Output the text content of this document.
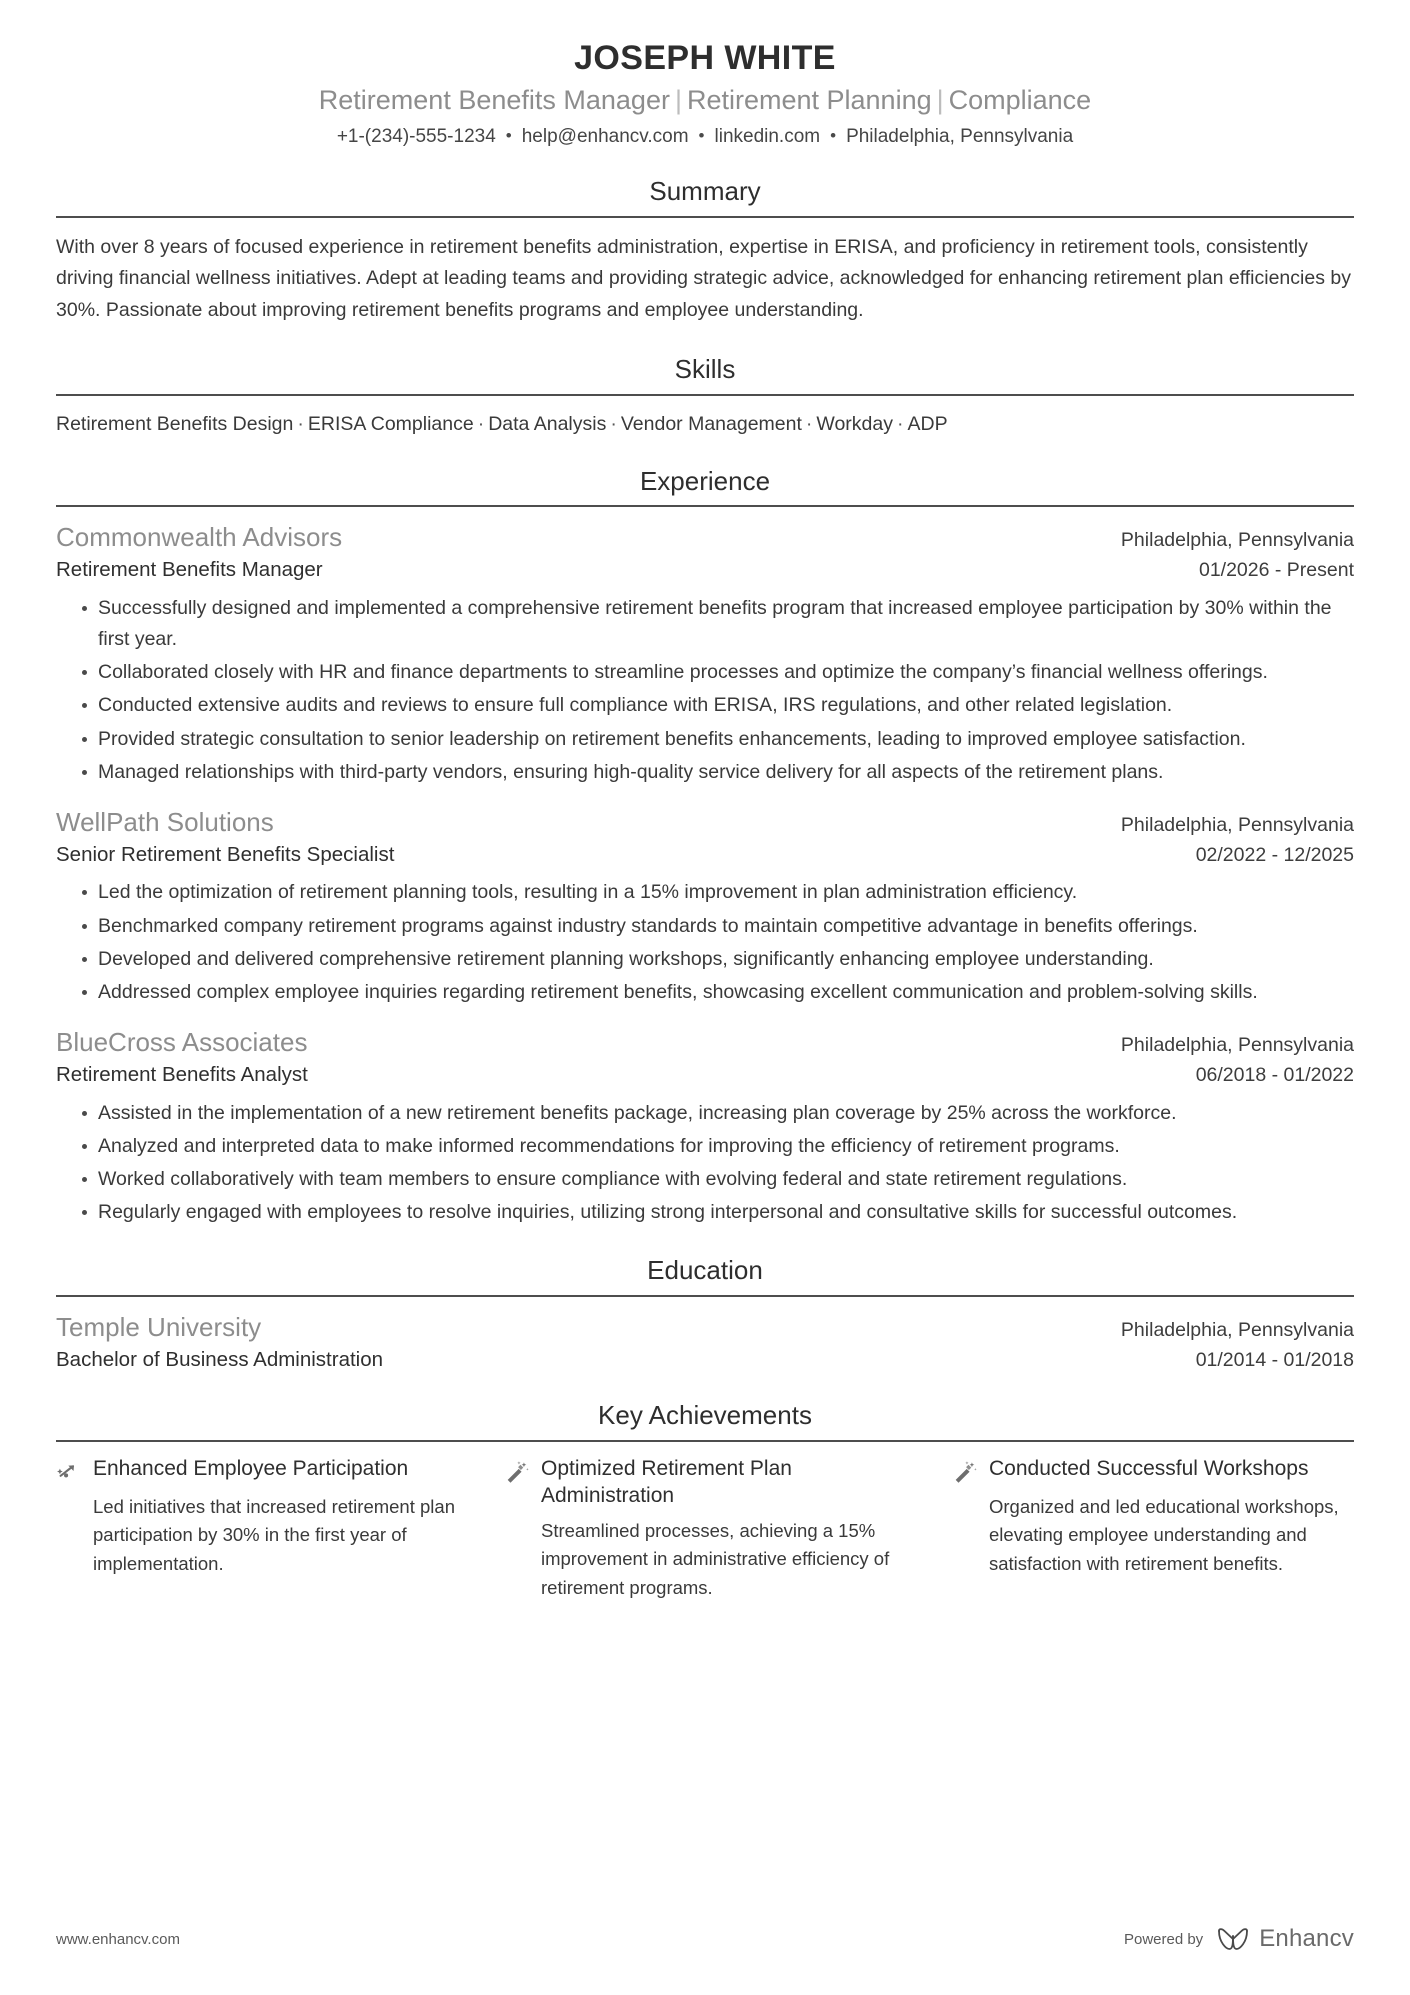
JOSEPH WHITE
Retirement Benefits Manager | Retirement Planning | Compliance
+1-(234)-555-1234 • help@enhancv.com • linkedin.com • Philadelphia, Pennsylvania
Summary

With over 8 years of focused experience in retirement benefits administration, expertise in ERISA, and proficiency in retirement tools, consistently driving financial wellness initiatives. Adept at leading teams and providing strategic advice, acknowledged for enhancing retirement plan efficiencies by 30%. Passionate about improving retirement benefits programs and employee understanding.

Skills
Retirement Benefits Design · ERISA Compliance · Data Analysis · Vendor Management · Workday · ADP
Experience
Commonwealth Advisors	Philadelphia, Pennsylvania
Retirement Benefits Manager	01/2026 - Present
Successfully designed and implemented a comprehensive retirement benefits program that increased employee participation by 30% within the first year.
Collaborated closely with HR and finance departments to streamline processes and optimize the company’s financial wellness offerings.
Conducted extensive audits and reviews to ensure full compliance with ERISA, IRS regulations, and other related legislation.
Provided strategic consultation to senior leadership on retirement benefits enhancements, leading to improved employee satisfaction.
Managed relationships with third-party vendors, ensuring high-quality service delivery for all aspects of the retirement plans.
WellPath Solutions	Philadelphia, Pennsylvania
Senior Retirement Benefits Specialist	02/2022 - 12/2025
Led the optimization of retirement planning tools, resulting in a 15% improvement in plan administration efficiency.
Benchmarked company retirement programs against industry standards to maintain competitive advantage in benefits offerings.
Developed and delivered comprehensive retirement planning workshops, significantly enhancing employee understanding.
Addressed complex employee inquiries regarding retirement benefits, showcasing excellent communication and problem-solving skills.
BlueCross Associates	Philadelphia, Pennsylvania
Retirement Benefits Analyst	06/2018 - 01/2022
Assisted in the implementation of a new retirement benefits package, increasing plan coverage by 25% across the workforce.
Analyzed and interpreted data to make informed recommendations for improving the efficiency of retirement programs.
Worked collaboratively with team members to ensure compliance with evolving federal and state retirement regulations.
Regularly engaged with employees to resolve inquiries, utilizing strong interpersonal and consultative skills for successful outcomes.
Education
Temple University	Philadelphia, Pennsylvania
Bachelor of Business Administration	01/2014 - 01/2018
Key Achievements
Enhanced Employee Participation
Led initiatives that increased retirement plan participation by 30% in the first year of implementation.
Optimized Retirement Plan Administration
Streamlined processes, achieving a 15% improvement in administrative efficiency of retirement programs.
Conducted Successful Workshops
Organized and led educational workshops, elevating employee understanding and satisfaction with retirement benefits.
www.enhancv.com	Powered by Enhancv
